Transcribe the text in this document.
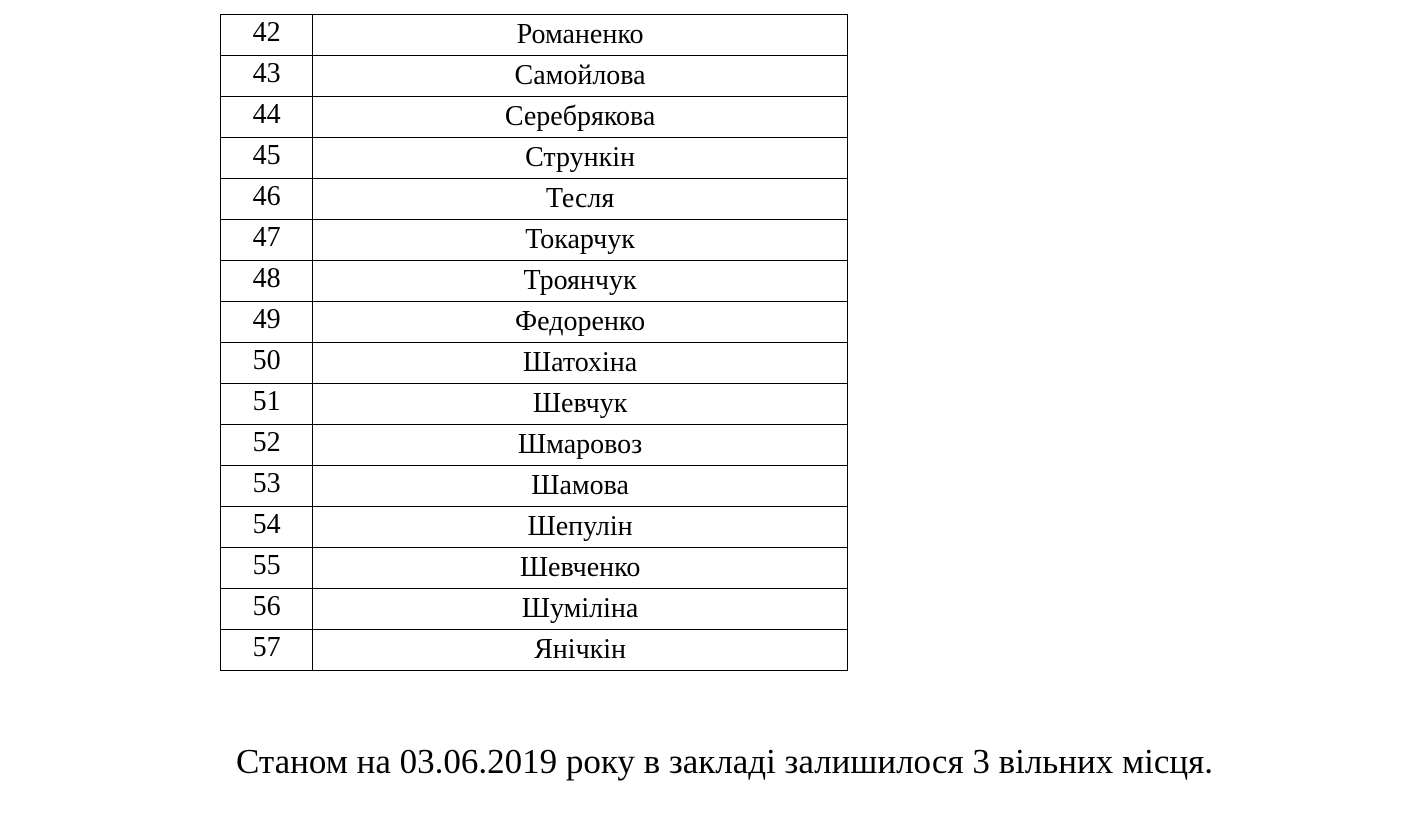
42	Романенко
43	Самойлова
44	Серебрякова
45	Стрункін
46	Тесля
47	Токарчук
48	Троянчук
49	Федоренко
50	Шатохіна
51	Шевчук
52	Шмаровоз
53	Шамова
54	Шепулін
55	Шевченко
56	Шуміліна
57	Янічкін
Станом на 03.06.2019 року в закладі залишилося 3 вільних місця.
